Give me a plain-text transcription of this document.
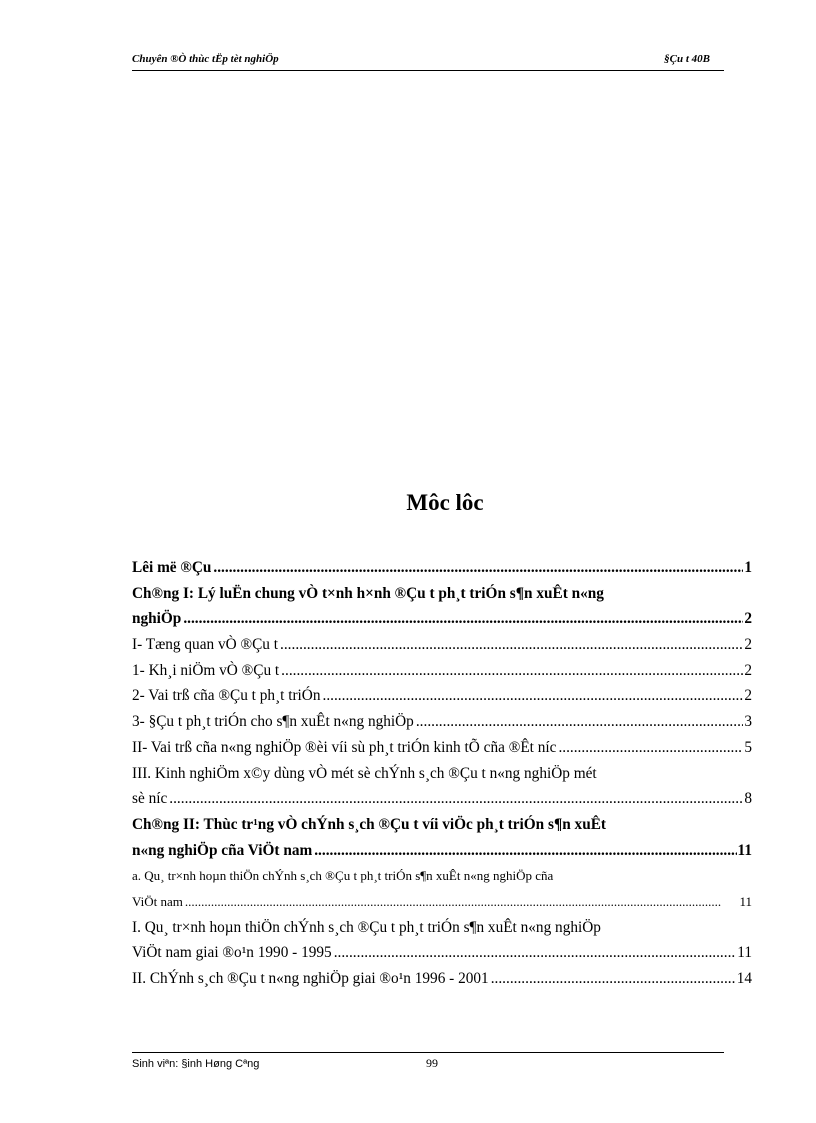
Chuyên ®Ò thùc tËp tèt nghiÖp	§Çu t 40B
Môc lôc
Lêi më ®Çu .....	1
Ch®ng I: Lý luËn chung vÒ t×nh h×nh ®Çu t ph¸t triÓn s¶n xuÊt n«ng
nghiÖp .....	2
I- Tæng quan vÒ ®Çu t .....	2
1- Kh¸i niÖm vÒ ®Çu t .....	2
2- Vai trß cña ®Çu t ph¸t triÓn .....	2
3- §Çu t ph¸t triÓn cho s¶n xuÊt n«ng nghiÖp .....	3
II- Vai trß cña n«ng nghiÖp ®èi víi sù ph¸t triÓn kinh tÕ cña ®Êt níc .....	5
III. Kinh nghiÖm x©y dùng vÒ mét sè chÝnh s¸ch ®Çu t n«ng nghiÖp mét
sè níc .....	8
Ch®ng II: Thùc tr¹ng vÒ chÝnh s¸ch ®Çu t víi viÖc ph¸t triÓn s¶n xuÊt
n«ng nghiÖp cña ViÖt nam .....	11
a. Qu¸ tr×nh hoµn thiÖn chÝnh s¸ch ®Çu t ph¸t triÓn s¶n xuÊt n«ng nghiÖp cña
ViÖt nam .....	11
I. Qu¸ tr×nh hoµn thiÖn chÝnh s¸ch ®Çu t ph¸t triÓn s¶n xuÊt n«ng nghiÖp
ViÖt nam giai ®o¹n 1990 - 1995 .....	11
II. ChÝnh s¸ch ®Çu t n«ng nghiÖp giai ®o¹n 1996 - 2001 .....	14
Sinh viªn: §inh Høng Cªng	99
